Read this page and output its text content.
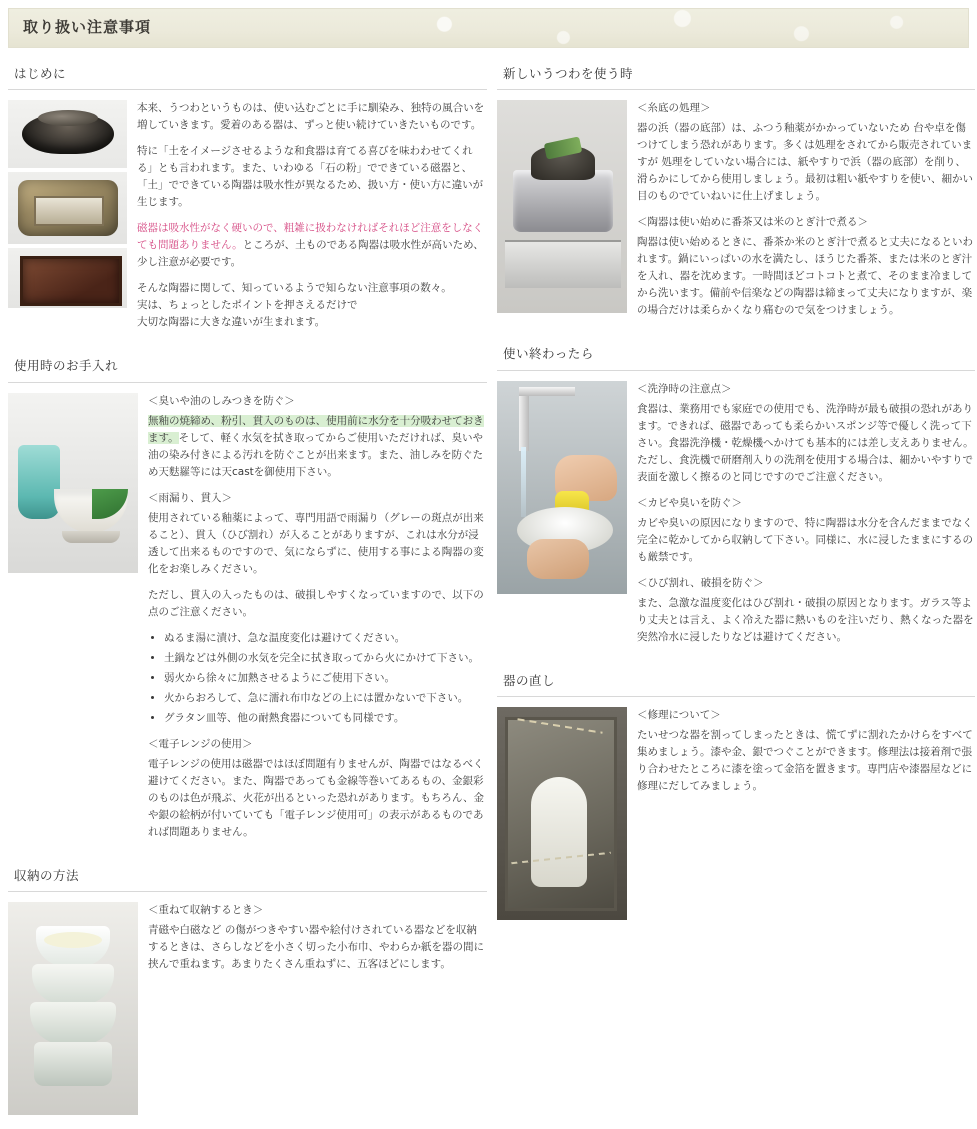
取り扱い注意事項
はじめに

本来、うつわというものは、使い込むごとに手に馴染み、独特の風合いを増していきます。愛着のある器は、ずっと使い続けていきたいものです。

特に「土をイメージさせるような和食器は育てる喜びを味わわせてくれる」とも言われます。また、いわゆる「石の粉」でできている磁器と、「土」でできている陶器は吸水性が異なるため、扱い方・使い方に違いが生じます。

磁器は吸水性がなく硬いので、粗雑に扱わなければそれほど注意をしなくても問題ありません。ところが、土ものである陶器は吸水性が高いため、少し注意が必要です。

そんな陶器に関して、知っているようで知らない注意事項の数々。
実は、ちょっとしたポイントを押さえるだけで
大切な陶器に大きな違いが生まれます。

使用時のお手入れ

＜臭いや油のしみつきを防ぐ＞

無釉の焼締め、粉引、貫入のものは、使用前に水分を十分吸わせておきます。そして、軽く水気を拭き取ってからご使用いただければ、臭いや油の染み付きによる汚れを防ぐことが出来ます。また、油しみを防ぐため天麩羅等には天castを御使用下さい。

＜雨漏り、貫入＞

使用されている釉薬によって、専門用語で雨漏り（グレーの斑点が出来ること）、貫入（ひび割れ）が入ることがありますが、これは水分が浸透して出来るものですので、気にならずに、使用する事による陶器の変化をお楽しみください。

ただし、貫入の入ったものは、破損しやすくなっていますので、以下の点のご注意ください。

• ぬるま湯に漬け、急な温度変化は避けてください。
• 土鍋などは外側の水気を完全に拭き取ってから火にかけて下さい。
• 弱火から徐々に加熱させるようにご使用下さい。
• 火からおろして、急に濡れ布巾などの上には置かないで下さい。
• グラタン皿等、他の耐熱食器についても同様です。

＜電子レンジの使用＞

電子レンジの使用は磁器ではほぼ問題有りませんが、陶器ではなるべく避けてください。また、陶器であっても金線等巻いてあるもの、金銀彩のものは色が飛ぶ、火花が出るといった恐れがあります。もちろん、金や銀の絵柄が付いていても「電子レンジ使用可」の表示があるものであれば問題ありません。

収納の方法

＜重ねて収納するとき＞

青磁や白磁など の傷がつきやすい器や絵付けされている器などを収納するときは、さらしなどを小さく切った小布巾、やわらか紙を器の間に挟んで重ねます。あまりたくさん重ねずに、五客ほどにします。

新しいうつわを使う時

＜糸底の処理＞

器の浜（器の底部）は、ふつう釉薬がかかっていないため 台や卓を傷つけてしまう恐れがあります。多くは処理をされてから販売されていますが 処理をしていない場合には、紙やすりで浜（器の底部）を削り、滑らかにしてから使用しましょう。最初は粗い紙やすりを使い、細かい目のものでていねいに仕上げましょう。

＜陶器は使い始めに番茶又は米のとぎ汁で煮る＞

陶器は使い始めるときに、番茶か米のとぎ汁で煮ると丈夫になるといわれます。鍋にいっぱいの水を満たし、ほうじた番茶、または米のとぎ汁を入れ、器を沈めます。一時間ほどコトコトと煮て、そのまま冷ましてから洗います。備前や信楽などの陶器は締まって丈夫になりますが、楽の場合だけは柔らかくなり痛むので気をつけましょう。

使い終わったら

＜洗浄時の注意点＞

食器は、業務用でも家庭での使用でも、洗浄時が最も破損の恐れがあります。できれば、磁器であっても柔らかいスポンジ等で優しく洗って下さい。食器洗浄機・乾燥機へかけても基本的には差し支えありません。ただし、食洗機で研磨剤入りの洗剤を使用する場合は、細かいやすりで表面を激しく擦るのと同じですのでご注意ください。

＜カビや臭いを防ぐ＞

カビや臭いの原因になりますので、特に陶器は水分を含んだままでなく完全に乾かしてから収納して下さい。同様に、水に浸したままにするのも厳禁です。

＜ひび割れ、破損を防ぐ＞

また、急激な温度変化はひび割れ・破損の原因となります。ガラス等より丈夫とは言え、よく冷えた器に熱いものを注いだり、熱くなった器を突然冷水に浸したりなどは避けてください。

器の直し

＜修理について＞

たいせつな器を割ってしまったときは、慌てずに割れたかけらをすべて集めましょう。漆や金、銀でつぐことができます。修理法は接着剤で張り合わせたところに漆を塗って金箔を置きます。専門店や漆器屋などに修理にだしてみましょう。
